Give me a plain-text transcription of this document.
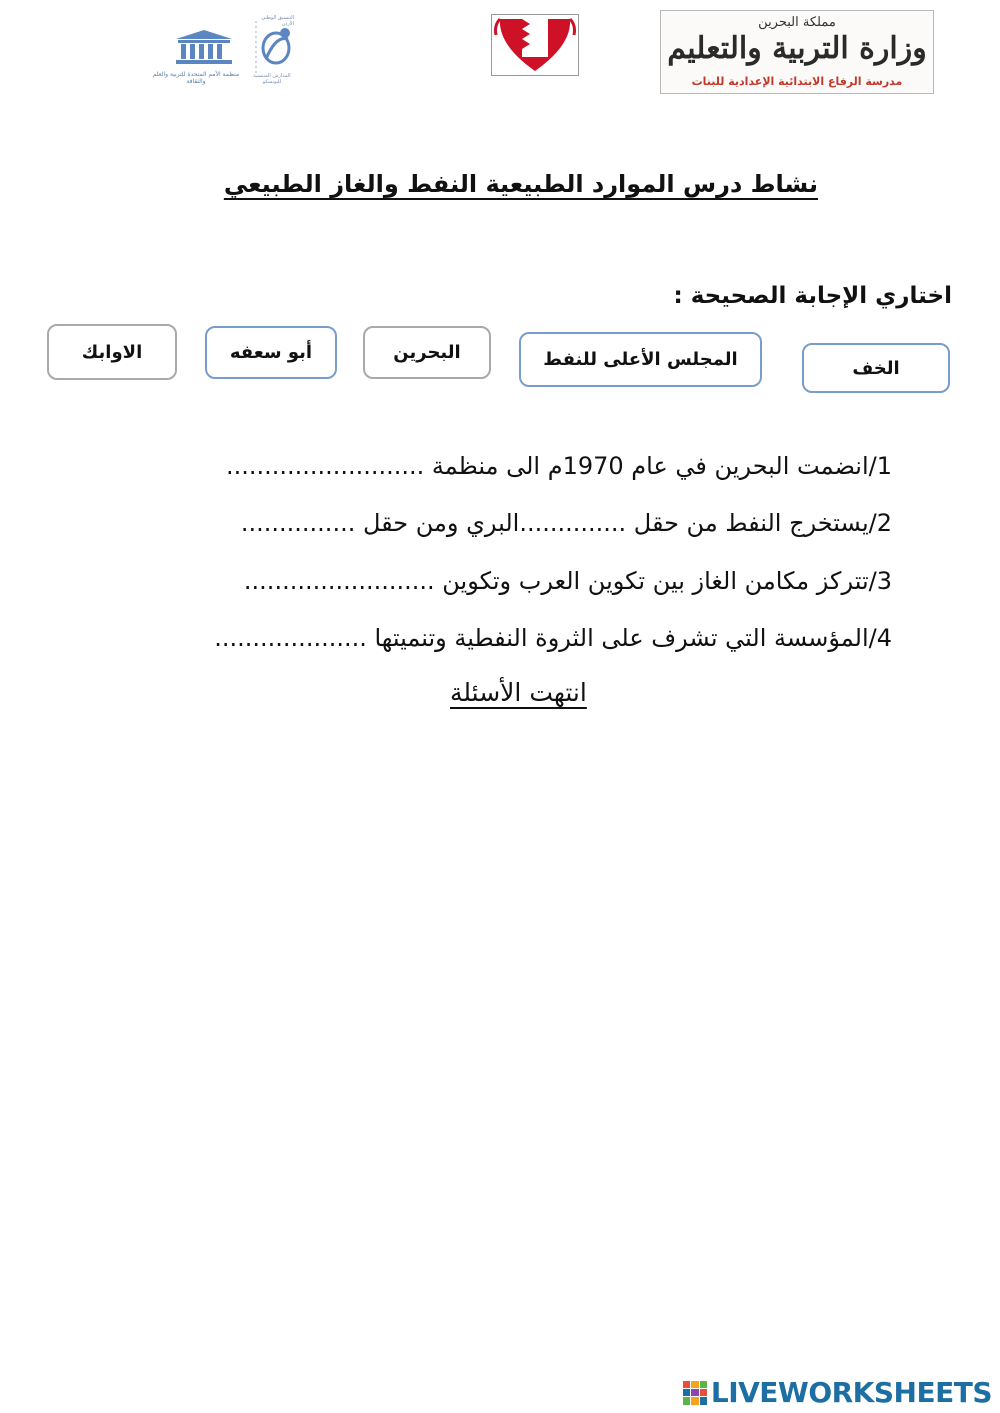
منظمة الأمم المتحدة للتربية والعلم والثقافة
التنسيق الوطني الأردن
المدارس المنتسبة لليونسكو
مملكة البحرين
وزارة التربية والتعليم
مدرسة الرفاع الابتدائية الإعدادية للبنات
نشاط درس الموارد الطبيعية النفط والغاز الطبيعي
اختاري الإجابة الصحيحة :
الخف
المجلس الأعلى للنفط
البحرين
أبو سعفه
الاوابك
1/انضمت البحرين في عام 1970م الى منظمة ..........................
2/يستخرج النفط من حقل ..............البري ومن حقل ...............
3/تتركز مكامن الغاز بين تكوين العرب وتكوين .........................
4/المؤسسة التي تشرف على الثروة النفطية وتنميتها ....................
انتهت الأسئلة
LIVEWORKSHEETS
